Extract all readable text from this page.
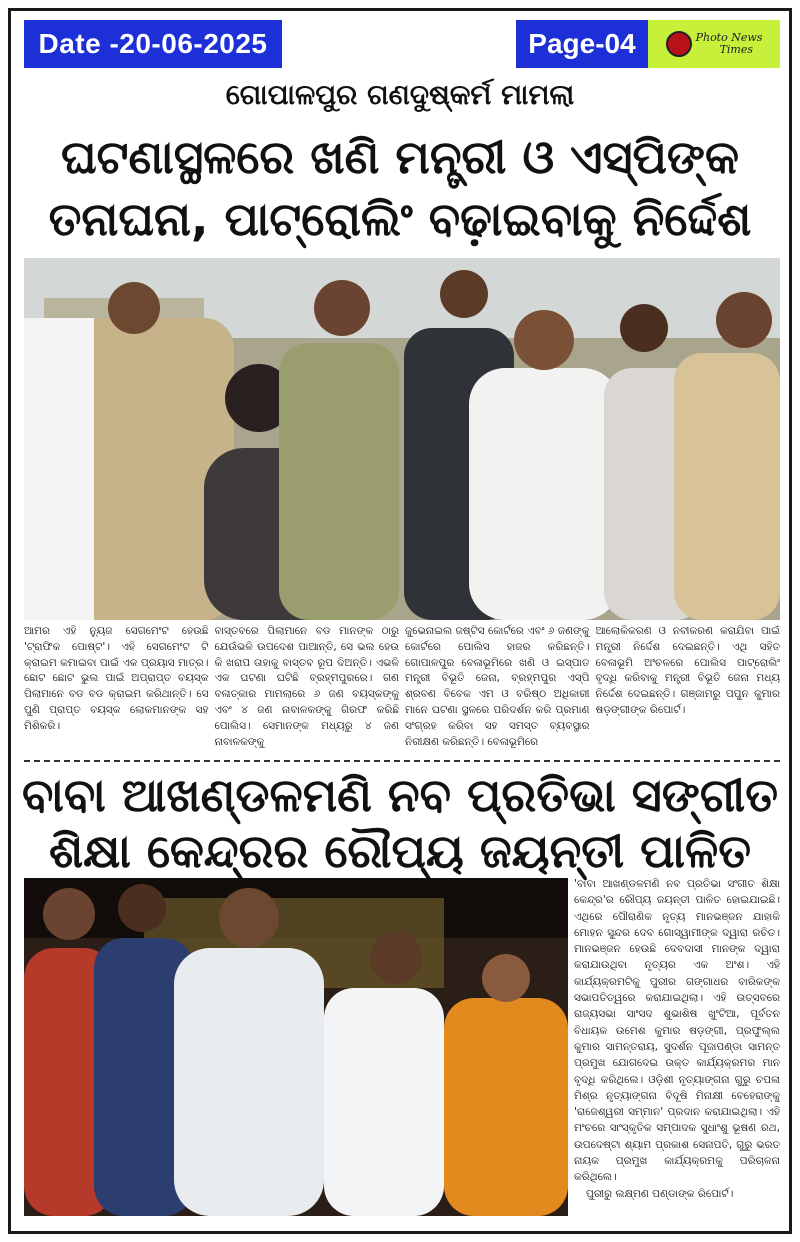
Date -20-06-2025	Page-04	Photo News
Times
ଗୋପାଳପୁର ଗଣଦୁଷ୍କର୍ମ ମାମଲା
ଘଟଣାସ୍ଥଳରେ ଖଣି ମନ୍ତ୍ରୀ ଓ ଏସ୍‌ପିଙ୍କ
ତନାଘନା, ପାଟ୍ରୋଲିଂ ବଢ଼ାଇବାକୁ ନିର୍ଦ୍ଦେଶ

ଆମର ଏହି ନ୍ୟୁଜ ସେଗମେଂଟ ହେଉଛି 'ଟ୍ରାଫିକ ପୋଷ୍ଟ'। ଏହି ସେଗମେଂଟ ଟି କ୍ରାଇମ କମାଇବା ପାଇଁ ଏକ ପ୍ରୟାସ ମାତ୍ର। ଛୋଟ ଛୋଟ ଭୁଲ ପାଇଁ ଅପ୍ରାପ୍ତ ବୟସ୍କ ପିଲାମାନେ ବଡ ବଡ କ୍ରାଇମ କରିଥାନ୍ତି। ସେ ପୁଣି ପ୍ରାପ୍ତ ବୟସ୍କ ଲୋକମାନଙ୍କ ସହ ମିଶିକରି।

ବାସ୍ତବରେ ପିଲାମାନେ ବଡ ମାନଙ୍କ ଠାରୁ ଯେଉଁଭଳି ଉପଦେଶ ପାଆନ୍ତି, ସେ ଭଲ ହେଉ କି ଖରାପ ତାହାକୁ ବାସ୍ତବ ରୂପ ଦିଅନ୍ତି। ଏଭଳି ଏକ ଘଟଣା ଘଟିଛି ବ୍ରହ୍ମପୁରରେ। ଗଣ ବଳାତ୍କାର ମାମଲାରେ ୬ ଜଣ ବୟସ୍କଙ୍କୁ ଏବଂ ୪ ଜଣ ନାବାଳକଙ୍କୁ ଗିରଫ କରିଛି ପୋଲିସ। ସେମାନଙ୍କ ମଧ୍ୟରୁ ୪ ଜଣ ନାବାଳକଙ୍କୁ

ଜୁଭେନାଇଲ ଜଷ୍ଟିସ କୋର୍ଟରେ ଏବଂ ୬ ଜଣଙ୍କୁ କୋର୍ଟରେ ପୋଲିସ ହାଜର କରିଛନ୍ତି। ଗୋପାଳପୁର ବେଳାଭୂମିରେ ଖଣି ଓ ଇସ୍ପାତ ମନ୍ତ୍ରୀ ବିଭୂତି ଜେନା, ବ୍ରହ୍ମପୁର ଏସ୍‌ପି ଶ୍ରବଣ ବିବେକ ଏମ ଓ ବରିଷ୍ଠ ଅଧିକାରୀ ମାନେ ଘଟଣା ସ୍ଥଳରେ ପରିଦର୍ଶନ କରି ପ୍ରମାଣ ସଂଗ୍ରହ କରିବା ସହ ସମସ୍ତ ବ୍ୟବସ୍ଥାର ନିରୀକ୍ଷଣ କରିଛନ୍ତି। ବେଳାଭୂମିରେ

ଆଲୋକିକରଣ ଓ ନବୀକରଣ କରାଯିବା ପାଇଁ ମନ୍ତ୍ରୀ ନିର୍ଦ୍ଦେଶ ଦେଇଛନ୍ତି। ଏଥି ସହିତ ବେଳାଭୂମି ଅଂଚଳରେ ପୋଲିସ ପାଟ୍ରୋଲିଂ ବୃଦ୍ଧି କରିବାକୁ ମନ୍ତ୍ରୀ ବିଭୂତି ଜେନା ମଧ୍ୟ ନିର୍ଦ୍ଦେଶ ଦେଇଛନ୍ତି। ଗଞ୍ଜାମରୁ ପପୁନ କୁମାର ଷଡ଼ଙ୍ଗୀଙ୍କ ରିପୋର୍ଟ।

ବାବା ଆଖଣ୍ଡଳମଣି ନବ ପ୍ରତିଭା ସଙ୍ଗୀତ
ଶିକ୍ଷା କେନ୍ଦ୍ରର ରୌପ୍ୟ ଜୟନ୍ତୀ ପାଳିତ

'ବାବା ଆଖଣ୍ଡଳମଣି ନବ ପ୍ରତିଭା ସଂଗୀତ ଶିକ୍ଷା କେନ୍ଦ୍ର'ର ରୌପ୍ୟ ଜୟନ୍ତୀ ପାଳିତ ହୋଇଯାଇଛି। ଏଥିରେ ପୌରାଣିକ ନୃତ୍ୟ ମାନଭଞ୍ଜନ ଯାହାକି ମୋହନ ସୁନ୍ଦର ଦେବ ଗୋସ୍ୱାମୀଙ୍କ ଦ୍ୱାରା ରଚିତ। ମାନଭଞ୍ଜନ ହେଉଛି ଦେବଦାସୀ ମାନଙ୍କ ଦ୍ୱାରା କରାଯାଉଥିବା ନୃତ୍ୟର ଏକ ଅଂଶ। ଏହି କାର୍ଯ୍ୟକ୍ରମଟିକୁ ପୁରୀର ଗଙ୍ଗାଧର ବାରିକଙ୍କ ସଭାପତିତ୍ୱରେ କରାଯାଇଥିଲା। ଏହି ଉତ୍ସବରେ ରାଜ୍ୟସଭା ସାଂସଦ ଶୁଭାଶିଷ ଖୁଂଟିଆ, ପୂର୍ବତନ ବିଧାୟକ ଉମେଶ କୁମାର ଷଡ଼ଙ୍ଗୀ, ପ୍ରଫୁଲ୍ଲ କୁମାର ସାମନ୍ତରାୟ, ସୁଦର୍ଶନ ପୂଜାପଣ୍ଡା ସାମନ୍ତ ପ୍ରମୁଖ ଯୋଗଦେଇ ଉକ୍ତ କାର୍ଯ୍ୟକ୍ରମର ମାନ ବୃଦ୍ଧି କରିଥିଲେ। ଓଡ଼ିଶୀ ନୃତ୍ୟାଙ୍ଗନା ଗୁରୁ ଚପଳା ମିଶ୍ର ନୃତ୍ୟାଙ୍ଗନା ବିଦୂଷି ମିନାକ୍ଷୀ ବେହେରାଙ୍କୁ 'ରାଜେଶ୍ୱରୀ ସମ୍ମାନ' ପ୍ରଦାନ କରାଯାଇଥିଲା। ଏହି ମଂଚରେ ସାଂସ୍କୃତିକ ସମ୍ପାଦକ ସୁଧାଂଶୁ ଭୂଷଣ ରଥ, ଉପଦେଷ୍ଟା ଶ୍ୟାମ ପ୍ରକାଶ ସେନାପତି, ଗୁରୁ ଭରତ ନାୟକ ପ୍ରମୁଖ କାର୍ଯ୍ୟକ୍ରମକୁ ପରିଚାଳନା କରିଥିଲେ।

ପୁରୀରୁ ଲକ୍ଷ୍ମଣ ପଣ୍ଡାଙ୍କ ରିପୋର୍ଟ।
